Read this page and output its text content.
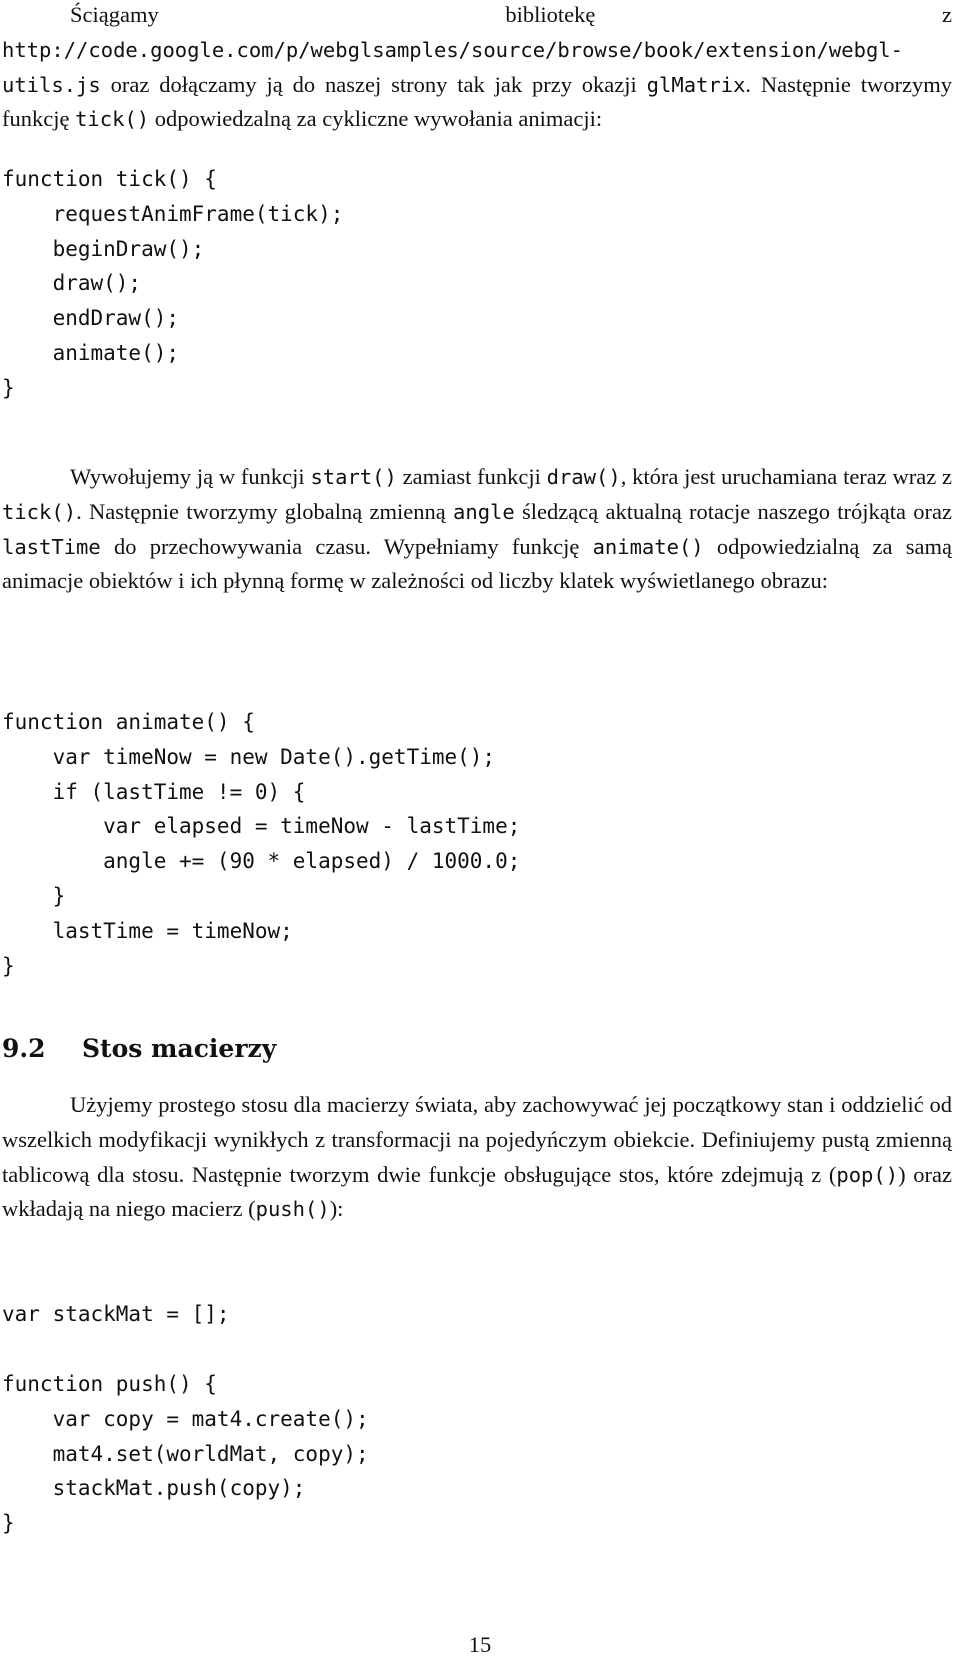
Ściągamy bibliotekę z http://code.google.com/p/webglsamples/source/browse/book/extension/webgl-utils.js oraz dołączamy ją do naszej strony tak jak przy okazji glMatrix. Następnie tworzymy funkcję tick() odpowiedzalną za cykliczne wywołania animacji:

function tick() {
requestAnimFrame(tick);
beginDraw();
draw();
endDraw();
animate();
}

Wywołujemy ją w funkcji start() zamiast funkcji draw(), która jest uruchamiana teraz wraz z tick(). Następnie tworzymy globalną zmienną angle śledzącą aktualną rotacje naszego trójkąta oraz lastTime do przechowywania czasu. Wypełniamy funkcję animate() odpowiedzialną za samą animacje obiektów i ich płynną formę w zależności od liczby klatek wyświetlanego obrazu:

function animate() {
var timeNow = new Date().getTime();
if (lastTime != 0) {
var elapsed = timeNow - lastTime;
angle += (90 * elapsed) / 1000.0;
}
lastTime = timeNow;
}
9.2 Stos macierzy

Użyjemy prostego stosu dla macierzy świata, aby zachowywać jej początkowy stan i oddzielić od wszelkich modyfikacji wynikłych z transformacji na pojedyńczym obiekcie. Definiujemy pustą zmienną tablicową dla stosu. Następnie tworzym dwie funkcje obsługujące stos, które zdejmują z (pop()) oraz wkładają na niego macierz (push()):

var stackMat = [];
function push() {
var copy = mat4.create();
mat4.set(worldMat, copy);
stackMat.push(copy);
}
15
